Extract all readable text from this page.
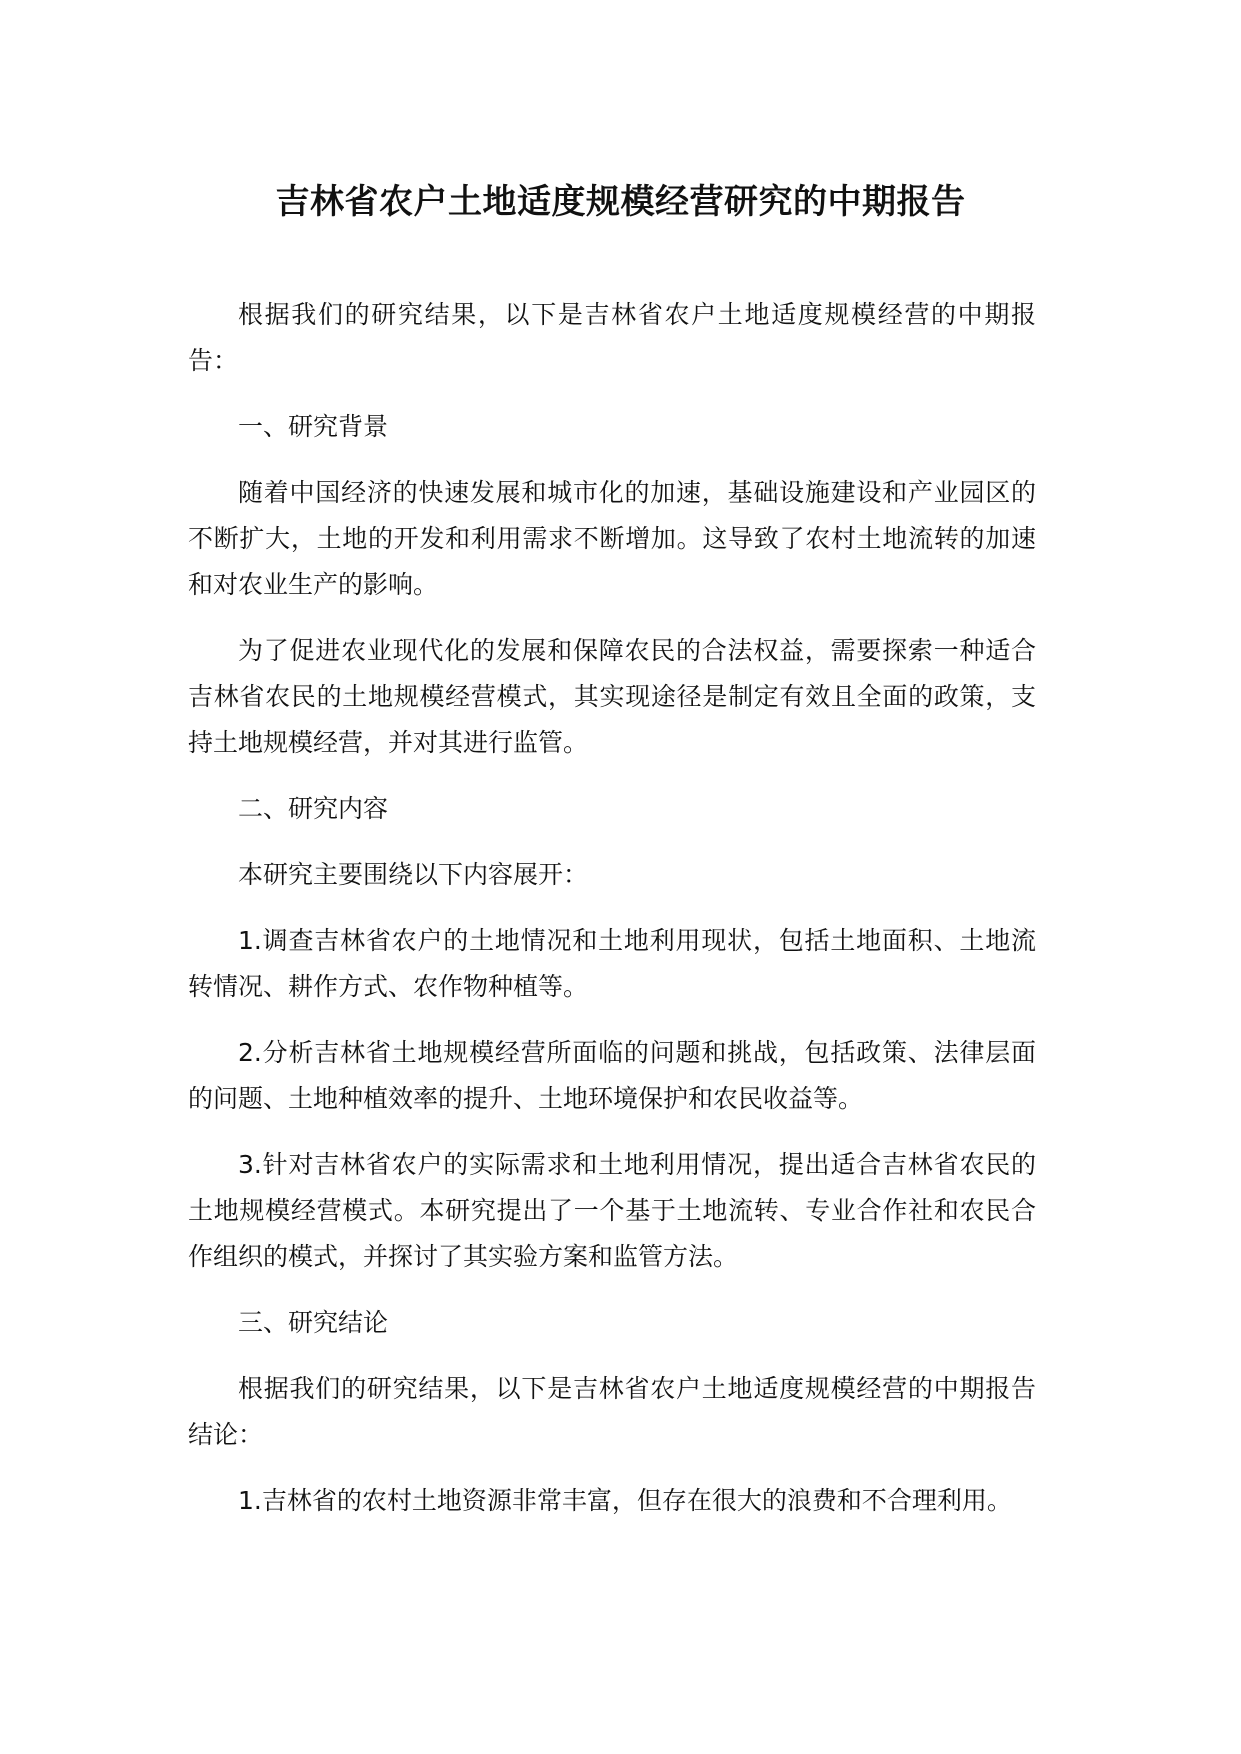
吉林省农户土地适度规模经营研究的中期报告

根据我们的研究结果，以下是吉林省农户土地适度规模经营的中期报告：

一、研究背景

随着中国经济的快速发展和城市化的加速，基础设施建设和产业园区的不断扩大，土地的开发和利用需求不断增加。这导致了农村土地流转的加速和对农业生产的影响。

为了促进农业现代化的发展和保障农民的合法权益，需要探索一种适合吉林省农民的土地规模经营模式，其实现途径是制定有效且全面的政策，支持土地规模经营，并对其进行监管。

二、研究内容

本研究主要围绕以下内容展开：

1.调查吉林省农户的土地情况和土地利用现状，包括土地面积、土地流转情况、耕作方式、农作物种植等。

2.分析吉林省土地规模经营所面临的问题和挑战，包括政策、法律层面的问题、土地种植效率的提升、土地环境保护和农民收益等。

3.针对吉林省农户的实际需求和土地利用情况，提出适合吉林省农民的土地规模经营模式。本研究提出了一个基于土地流转、专业合作社和农民合作组织的模式，并探讨了其实验方案和监管方法。

三、研究结论

根据我们的研究结果，以下是吉林省农户土地适度规模经营的中期报告结论：

1.吉林省的农村土地资源非常丰富，但存在很大的浪费和不合理利用。
